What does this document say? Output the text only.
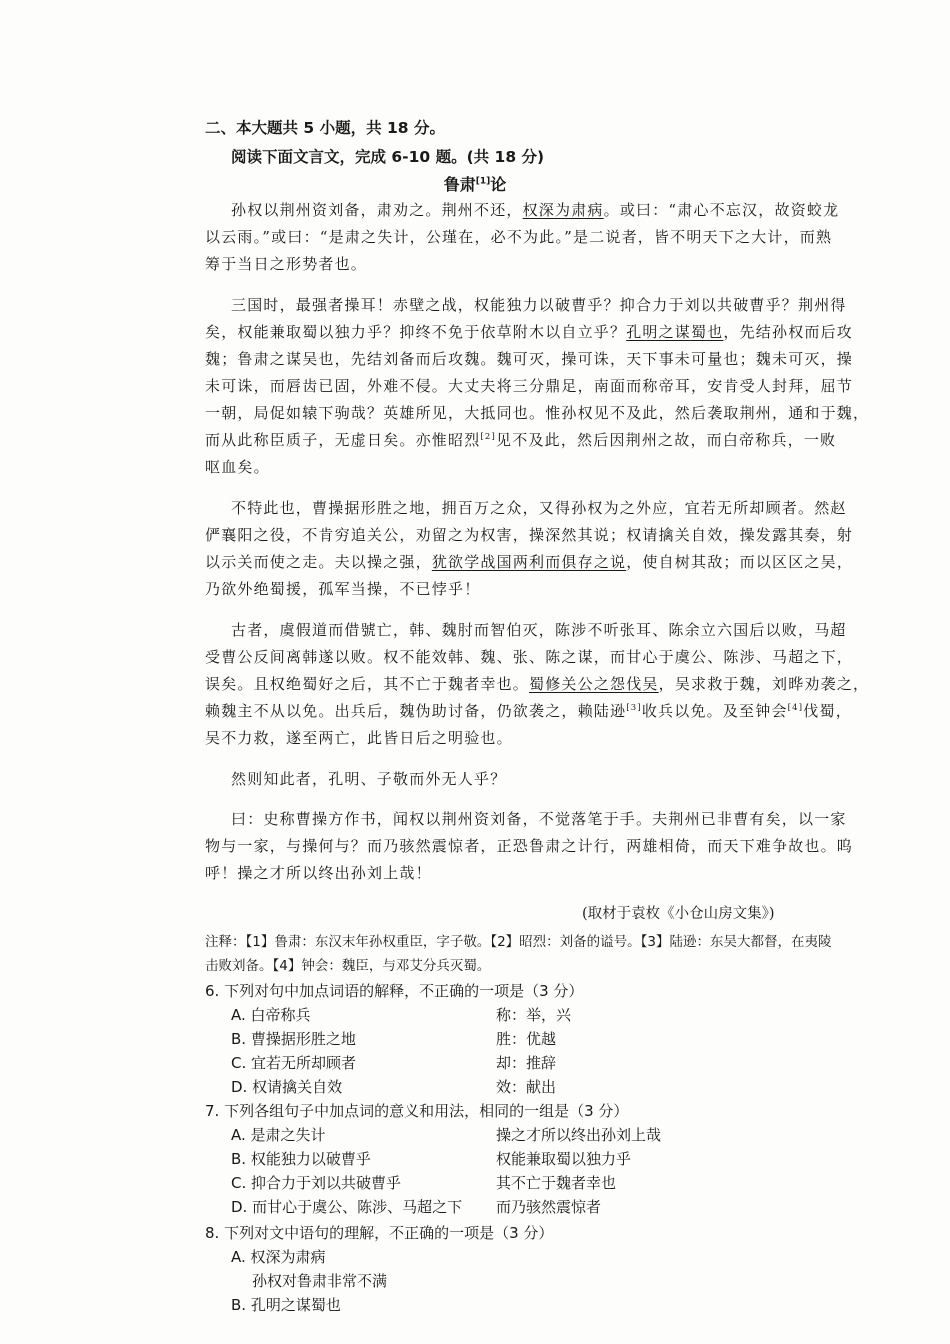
二、本大题共 5 小题，共 18 分。
阅读下面文言文，完成 6-10 题。(共 18 分)
鲁肃[1]论
孙权以荆州资刘备，肃劝之。荆州不还，权深为肃病。或曰：“肃心不忘汉，故资蛟龙
以云雨。”或曰：“是肃之失计，公瑾在，必不为此。”是二说者，皆不明天下之大计，而熟
筹于当日之形势者也。
三国时，最强者操耳！赤壁之战，权能独力以破曹乎？抑合力于刘以共破曹乎？荆州得
矣，权能兼取蜀以独力乎？抑终不免于依草附木以自立乎？孔明之谋蜀也，先结孙权而后攻
魏；鲁肃之谋吴也，先结刘备而后攻魏。魏可灭，操可诛，天下事未可量也；魏未可灭，操
未可诛，而唇齿已固，外难不侵。大丈夫将三分鼎足，南面而称帝耳，安肯受人封拜，屈节
一朝，局促如辕下驹哉？英雄所见，大抵同也。惟孙权见不及此，然后袭取荆州，通和于魏，
而从此称臣质子，无虚日矣。亦惟昭烈[2]见不及此，然后因荆州之故，而白帝称兵，一败
呕血矣。
不特此也，曹操据形胜之地，拥百万之众，又得孙权为之外应，宜若无所却顾者。然赵
俨襄阳之役，不肯穷追关公，劝留之为权害，操深然其说；权请擒关自效，操发露其奏，射
以示关而使之走。夫以操之强，犹欲学战国两利而俱存之说，使自树其敌；而以区区之吴，
乃欲外绝蜀援，孤军当操，不已悖乎！
古者，虞假道而借號亡，韩、魏肘而智伯灭，陈涉不听张耳、陈余立六国后以败，马超
受曹公反间离韩遂以败。权不能效韩、魏、张、陈之谋，而甘心于虞公、陈涉、马超之下，
误矣。且权绝蜀好之后，其不亡于魏者幸也。蜀修关公之怨伐吴，吴求救于魏，刘晔劝袭之，
赖魏主不从以免。出兵后，魏伪助讨备，仍欲袭之，赖陆逊[3]收兵以免。及至钟会[4]伐蜀，
吴不力救，遂至两亡，此皆日后之明验也。
然则知此者，孔明、子敬而外无人乎？
曰：史称曹操方作书，闻权以荆州资刘备，不觉落笔于手。夫荆州已非曹有矣，以一家
物与一家，与操何与？而乃骇然震惊者，正恐鲁肃之计行，两雄相倚，而天下难争故也。呜
呼！操之才所以终出孙刘上哉！
(取材于袁枚《小仓山房文集》)
注释：【1】鲁肃：东汉末年孙权重臣，字子敬。【2】昭烈：刘备的谥号。【3】陆逊：东吴大都督，在夷陵
击败刘备。【4】钟会：魏臣，与邓艾分兵灭蜀。
6. 下列对句中加点词语的解释，不正确的一项是（3 分）
A. 白帝称兵	称：举，兴
B. 曹操据形胜之地	胜：优越
C. 宜若无所却顾者	却：推辞
D. 权请擒关自效	效：献出
7. 下列各组句子中加点词的意义和用法，相同的一组是（3 分）
A. 是肃之失计	操之才所以终出孙刘上哉
B. 权能独力以破曹乎	权能兼取蜀以独力乎
C. 抑合力于刘以共破曹乎	其不亡于魏者幸也
D. 而甘心于虞公、陈涉、马超之下 而乃骇然震惊者
8. 下列对文中语句的理解，不正确的一项是（3 分）
A. 权深为肃病
孙权对鲁肃非常不满
B. 孔明之谋蜀也
